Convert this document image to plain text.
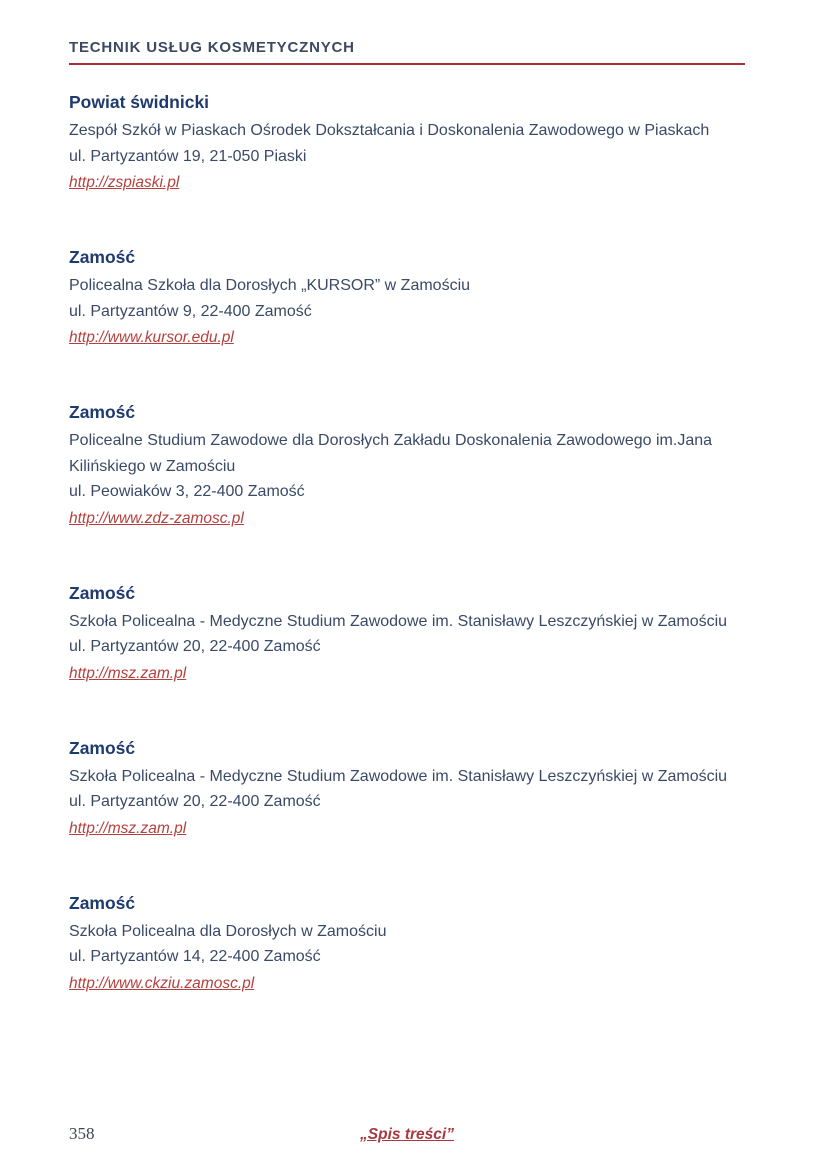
TECHNIK USŁUG KOSMETYCZNYCH
Powiat świdnicki

Zespół Szkół w Piaskach Ośrodek Dokształcania i Doskonalenia Zawodowego w Piaskach

ul. Partyzantów 19, 21-050 Piaski

http://zspiaski.pl
Zamość

Policealna Szkoła dla Dorosłych „KURSOR” w Zamościu

ul. Partyzantów 9, 22-400 Zamość

http://www.kursor.edu.pl
Zamość

Policealne Studium Zawodowe dla Dorosłych Zakładu Doskonalenia Zawodowego im.Jana Kilińskiego w Zamościu

ul. Peowiaków 3, 22-400 Zamość

http://www.zdz-zamosc.pl
Zamość

Szkoła Policealna - Medyczne Studium Zawodowe im. Stanisławy Leszczyńskiej w Zamościu

ul. Partyzantów 20, 22-400 Zamość

http://msz.zam.pl
Zamość

Szkoła Policealna - Medyczne Studium Zawodowe im. Stanisławy Leszczyńskiej w Zamościu

ul. Partyzantów 20, 22-400 Zamość

http://msz.zam.pl
Zamość

Szkoła Policealna dla Dorosłych w Zamościu

ul. Partyzantów 14, 22-400 Zamość

http://www.ckziu.zamosc.pl
358	„Spis treści”
